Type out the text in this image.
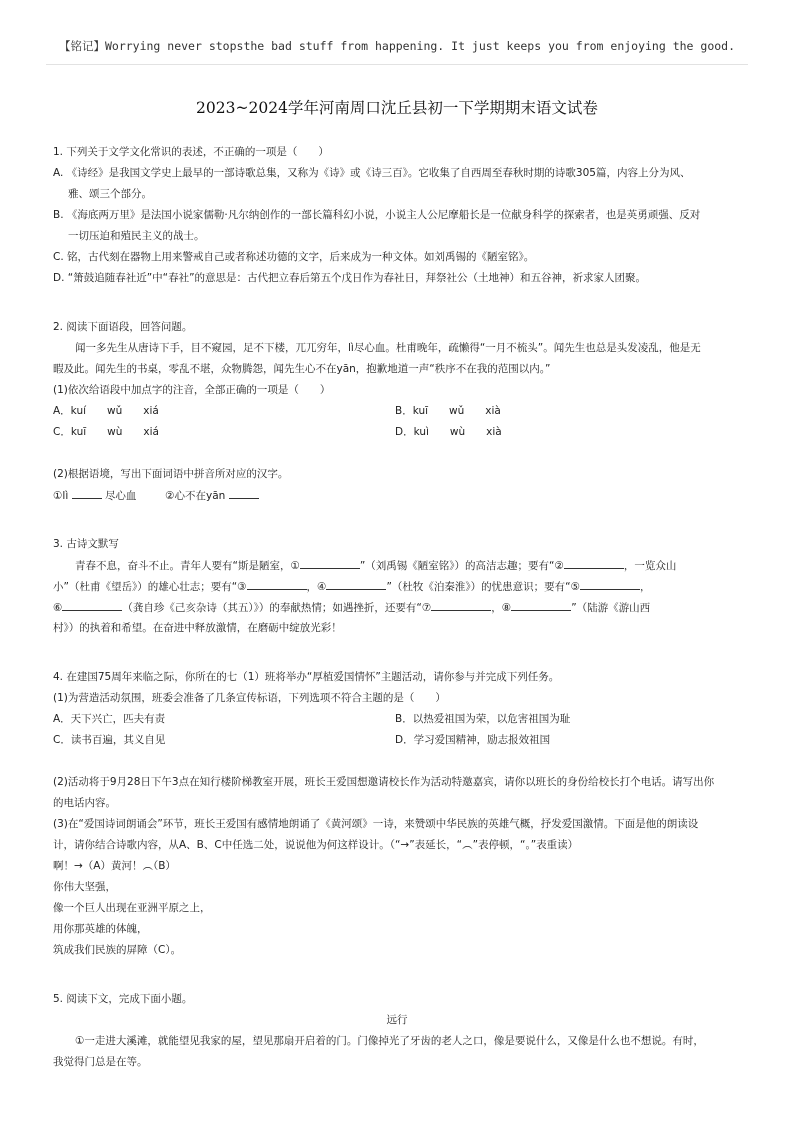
【铭记】Worrying never stopsthe bad stuff from happening. It just keeps you from enjoying the good.
2023~2024学年河南周口沈丘县初一下学期期末语文试卷
1. 下列关于文学文化常识的表述，不正确的一项是（　　）
A. 《诗经》是我国文学史上最早的一部诗歌总集，又称为《诗》或《诗三百》。它收集了自西周至春秋时期的诗歌305篇，内容上分为风、
雅、颂三个部分。
B. 《海底两万里》是法国小说家儒勒·凡尔纳创作的一部长篇科幻小说，小说主人公尼摩船长是一位献身科学的探索者，也是英勇顽强、反对
一切压迫和殖民主义的战士。
C. 铭，古代刻在器物上用来警戒自己或者称述功德的文字，后来成为一种文体。如刘禹锡的《陋室铭》。
D. “箫鼓追随春社近”中“春社”的意思是：古代把立春后第五个戊日作为春社日，拜祭社公（土地神）和五谷神，祈求家人团聚。
2. 阅读下面语段，回答问题。
闻一多先生从唐诗下手，目不窥园，足不下楼，兀兀穷年，lì尽心血。杜甫晚年，疏懒得“一月不梳头”。闻先生也总是头发凌乱，他是无
暇及此。闻先生的书桌，零乱不堪，众物腾怨，闻先生心不在yān，抱歉地道一声“秩序不在我的范围以内。”
(1)依次给语段中加点字的注音，全部正确的一项是（　　）
A．kuí　　wǔ　　xiá	B．kuī　　wǔ　　xià
C．kuī　　wù　　xiá	D．kuì　　wù　　xià
(2)根据语境，写出下面词语中拼音所对应的汉字。
①lì	尽心血	②心不在yān
3. 古诗文默写
青春不息，奋斗不止。青年人要有“斯是陋室，①	”（刘禹锡《陋室铭》）的高洁志趣；要有“②	，一览众山
小”（杜甫《望岳》）的雄心壮志；要有“③	，④	”（杜牧《泊秦淮》）的忧患意识；要有“⑤	，
⑥	（龚自珍《己亥杂诗（其五）》）的奉献热情；如遇挫折，还要有“⑦	，⑧	”（陆游《游山西
村》）的执着和希望。在奋进中释放激情，在磨砺中绽放光彩！
4. 在建国75周年来临之际，你所在的七（1）班将举办“厚植爱国情怀”主题活动，请你参与并完成下列任务。
(1)为营造活动氛围，班委会准备了几条宣传标语，下列选项不符合主题的是（　　）
A．天下兴亡，匹夫有责	B．以热爱祖国为荣，以危害祖国为耻
C．读书百遍，其义自见	D．学习爱国精神，励志报效祖国
(2)活动将于9月28日下午3点在知行楼阶梯教室开展，班长王爱国想邀请校长作为活动特邀嘉宾，请你以班长的身份给校长打个电话。请写出你
的电话内容。
(3)在“爱国诗词朗诵会”环节，班长王爱国有感情地朗诵了《黄河颂》一诗，来赞颂中华民族的英雄气概，抒发爱国激情。下面是他的朗读设
计，请你结合诗歌内容，从A、B、C中任选二处，说说他为何这样设计。（“→”表延长，“︵”表停顿，“。”表重读）
啊！→（A）黄河！︵（B）
你伟大坚强，
像一个巨人出现在亚洲平原之上，
用你那英雄的体魄，
筑成我们民族的屏障（C）。
5. 阅读下文，完成下面小题。
远行
①一走进大溪滩，就能望见我家的屋，望见那扇开启着的门。门像掉光了牙齿的老人之口，像是要说什么，又像是什么也不想说。有时，
我觉得门总是在等。
